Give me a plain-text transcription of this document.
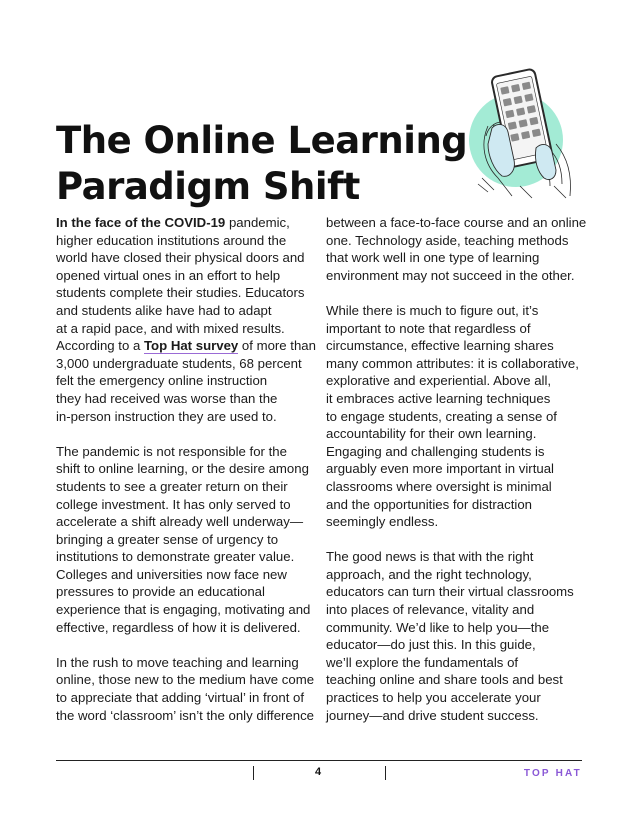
The Online Learning
Paradigm Shift

In the face of the COVID-19 pandemic,
higher education institutions around the
world have closed their physical doors and
opened virtual ones in an effort to help
students complete their studies. Educators
and students alike have had to adapt
at a rapid pace, and with mixed results.
According to a Top Hat survey of more than
3,000 undergraduate students, 68 percent
felt the emergency online instruction
they had received was worse than the
in-person instruction they are used to.

The pandemic is not responsible for the
shift to online learning, or the desire among
students to see a greater return on their
college investment. It has only served to
accelerate a shift already well underway—
bringing a greater sense of urgency to
institutions to demonstrate greater value.
Colleges and universities now face new
pressures to provide an educational
experience that is engaging, motivating and
effective, regardless of how it is delivered.

In the rush to move teaching and learning
online, those new to the medium have come
to appreciate that adding ‘virtual’ in front of
the word ‘classroom’ isn’t the only difference

between a face-to-face course and an online
one. Technology aside, teaching methods
that work well in one type of learning
environment may not succeed in the other.

While there is much to figure out, it’s
important to note that regardless of
circumstance, effective learning shares
many common attributes: it is collaborative,
explorative and experiential. Above all,
it embraces active learning techniques
to engage students, creating a sense of
accountability for their own learning.
Engaging and challenging students is
arguably even more important in virtual
classrooms where oversight is minimal
and the opportunities for distraction
seemingly endless.

The good news is that with the right
approach, and the right technology,
educators can turn their virtual classrooms
into places of relevance, vitality and
community. We’d like to help you—the
educator—do just this. In this guide,
we’ll explore the fundamentals of
teaching online and share tools and best
practices to help you accelerate your
journey—and drive student success.

4	TOP HAT
